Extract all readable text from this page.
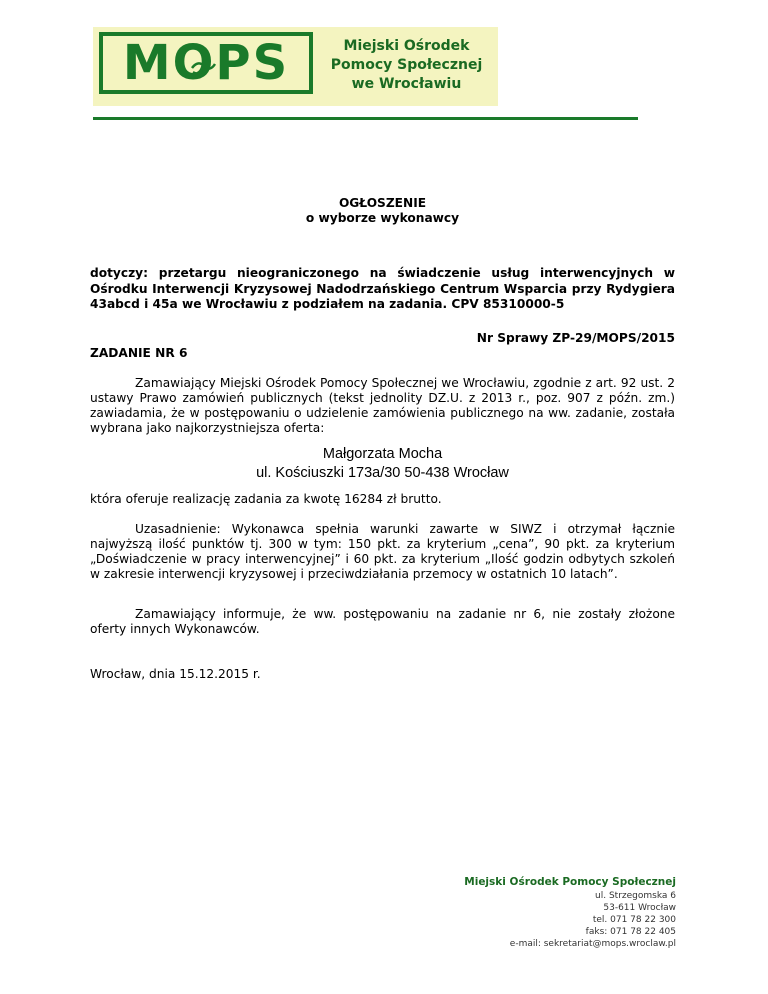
MOPS	Miejski Ośrodek
Pomocy Społecznej
we Wrocławiu
OGŁOSZENIE
o wyborze wykonawcy
dotyczy: przetargu nieograniczonego na świadczenie usług interwencyjnych w Ośrodku Interwencji Kryzysowej Nadodrzańskiego Centrum Wsparcia przy Rydygiera 43abcd i 45a we Wrocławiu z podziałem na zadania. CPV 85310000-5
Nr Sprawy ZP-29/MOPS/2015
ZADANIE NR 6
Zamawiający Miejski Ośrodek Pomocy Społecznej we Wrocławiu, zgodnie z art. 92 ust. 2 ustawy Prawo zamówień publicznych (tekst jednolity DZ.U. z 2013 r., poz. 907 z późn. zm.) zawiadamia, że w postępowaniu o udzielenie zamówienia publicznego na ww. zadanie, została wybrana jako najkorzystniejsza oferta:
Małgorzata Mocha
ul. Kościuszki 173a/30 50-438 Wrocław
która oferuje realizację zadania za kwotę 16284 zł brutto.
Uzasadnienie: Wykonawca spełnia warunki zawarte w SIWZ i otrzymał łącznie najwyższą ilość punktów tj. 300 w tym: 150 pkt. za kryterium „cena”, 90 pkt. za kryterium „Doświadczenie w pracy interwencyjnej” i 60 pkt. za kryterium „Ilość godzin odbytych szkoleń w zakresie interwencji kryzysowej i przeciwdziałania przemocy w ostatnich 10 latach”.
Zamawiający informuje, że ww. postępowaniu na zadanie nr 6, nie zostały złożone oferty innych Wykonawców.
Wrocław, dnia 15.12.2015 r.
Miejski Ośrodek Pomocy Społecznej
ul. Strzegomska 6
53-611 Wrocław
tel. 071 78 22 300
faks: 071 78 22 405
e-mail: sekretariat@mops.wroclaw.pl
